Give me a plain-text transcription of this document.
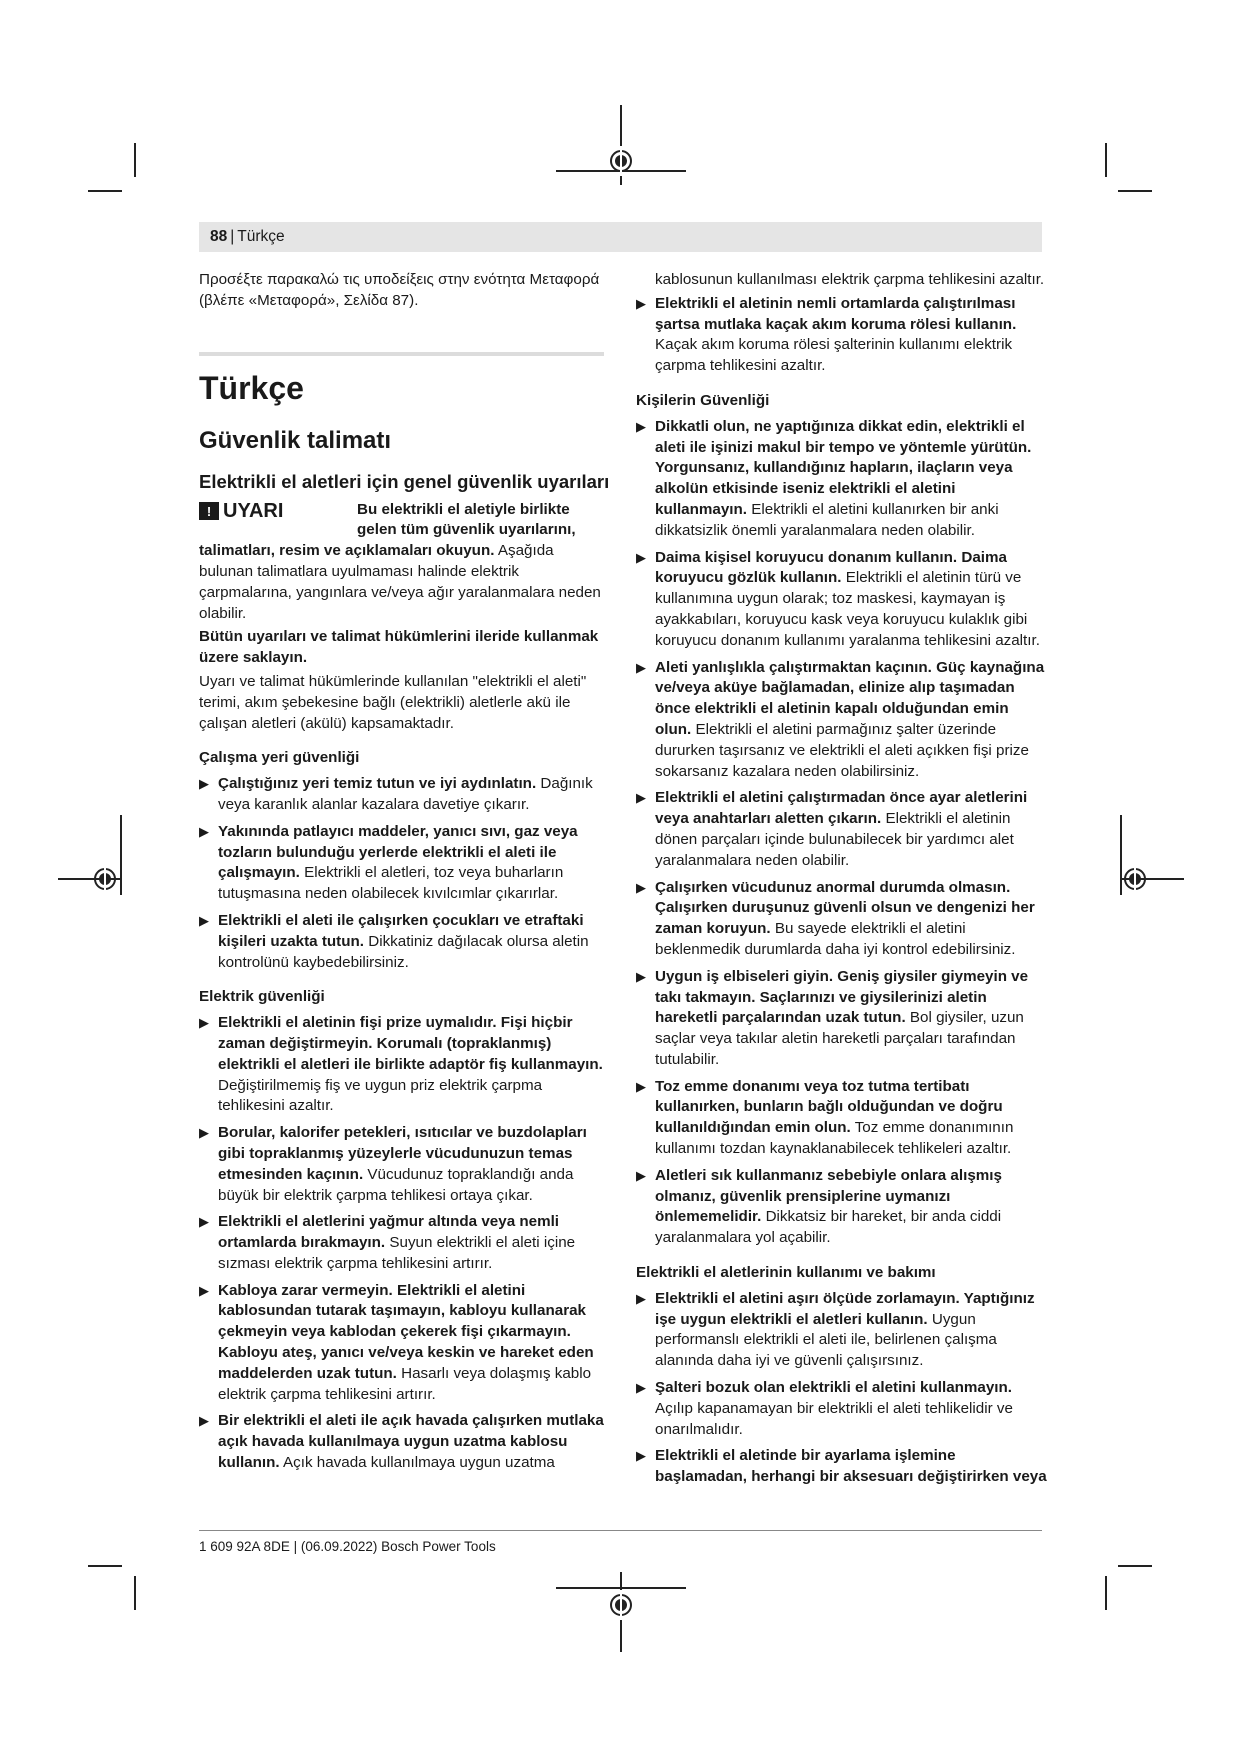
88 | Türkçe

Προσέξτε παρακαλώ τις υποδείξεις στην ενότητα Μεταφορά (βλέπε «Μεταφορά», Σελίδα 87).

Türkçe
Güvenlik talimatı
Elektrikli el aletleri için genel güvenlik uyarıları
!
UYARI	Bu elektrikli el aletiyle birlikte gelen tüm güvenlik uyarılarını,

talimatları, resim ve açıklamaları okuyun. Aşağıda bulunan talimatlara uyulmaması halinde elektrik çarpmalarına, yangınlara ve/veya ağır yaralanmalara neden olabilir.

Bütün uyarıları ve talimat hükümlerini ileride kullanmak üzere saklayın.

Uyarı ve talimat hükümlerinde kullanılan "elektrikli el aleti" terimi, akım şebekesine bağlı (elektrikli) aletlerle akü ile çalışan aletleri (akülü) kapsamaktadır.

Çalışma yeri güvenliği
▶ Çalıştığınız yeri temiz tutun ve iyi aydınlatın. Dağınık veya karanlık alanlar kazalara davetiye çıkarır.
▶ Yakınında patlayıcı maddeler, yanıcı sıvı, gaz veya tozların bulunduğu yerlerde elektrikli el aleti ile çalışmayın. Elektrikli el aletleri, toz veya buharların tutuşmasına neden olabilecek kıvılcımlar çıkarırlar.
▶ Elektrikli el aleti ile çalışırken çocukları ve etraftaki kişileri uzakta tutun. Dikkatiniz dağılacak olursa aletin kontrolünü kaybedebilirsiniz.
Elektrik güvenliği
▶ Elektrikli el aletinin fişi prize uymalıdır. Fişi hiçbir zaman değiştirmeyin. Korumalı (topraklanmış) elektrikli el aletleri ile birlikte adaptör fiş kullanmayın. Değiştirilmemiş fiş ve uygun priz elektrik çarpma tehlikesini azaltır.
▶ Borular, kalorifer petekleri, ısıtıcılar ve buzdolapları gibi topraklanmış yüzeylerle vücudunuzun temas etmesinden kaçının. Vücudunuz topraklandığı anda büyük bir elektrik çarpma tehlikesi ortaya çıkar.
▶ Elektrikli el aletlerini yağmur altında veya nemli ortamlarda bırakmayın. Suyun elektrikli el aleti içine sızması elektrik çarpma tehlikesini artırır.
▶ Kabloya zarar vermeyin. Elektrikli el aletini kablosundan tutarak taşımayın, kabloyu kullanarak çekmeyin veya kablodan çekerek fişi çıkarmayın. Kabloyu ateş, yanıcı ve/veya keskin ve hareket eden maddelerden uzak tutun. Hasarlı veya dolaşmış kablo elektrik çarpma tehlikesini artırır.
▶ Bir elektrikli el aleti ile açık havada çalışırken mutlaka açık havada kullanılmaya uygun uzatma kablosu kullanın. Açık havada kullanılmaya uygun uzatma

kablosunun kullanılması elektrik çarpma tehlikesini azaltır.

▶ Elektrikli el aletinin nemli ortamlarda çalıştırılması şartsa mutlaka kaçak akım koruma rölesi kullanın. Kaçak akım koruma rölesi şalterinin kullanımı elektrik çarpma tehlikesini azaltır.
Kişilerin Güvenliği
▶ Dikkatli olun, ne yaptığınıza dikkat edin, elektrikli el aleti ile işinizi makul bir tempo ve yöntemle yürütün. Yorgunsanız, kullandığınız hapların, ilaçların veya alkolün etkisinde iseniz elektrikli el aletini kullanmayın. Elektrikli el aletini kullanırken bir anki dikkatsizlik önemli yaralanmalara neden olabilir.
▶ Daima kişisel koruyucu donanım kullanın. Daima koruyucu gözlük kullanın. Elektrikli el aletinin türü ve kullanımına uygun olarak; toz maskesi, kaymayan iş ayakkabıları, koruyucu kask veya koruyucu kulaklık gibi koruyucu donanım kullanımı yaralanma tehlikesini azaltır.
▶ Aleti yanlışlıkla çalıştırmaktan kaçının. Güç kaynağına ve/veya aküye bağlamadan, elinize alıp taşımadan önce elektrikli el aletinin kapalı olduğundan emin olun. Elektrikli el aletini parmağınız şalter üzerinde dururken taşırsanız ve elektrikli el aleti açıkken fişi prize sokarsanız kazalara neden olabilirsiniz.
▶ Elektrikli el aletini çalıştırmadan önce ayar aletlerini veya anahtarları aletten çıkarın. Elektrikli el aletinin dönen parçaları içinde bulunabilecek bir yardımcı alet yaralanmalara neden olabilir.
▶ Çalışırken vücudunuz anormal durumda olmasın. Çalışırken duruşunuz güvenli olsun ve dengenizi her zaman koruyun. Bu sayede elektrikli el aletini beklenmedik durumlarda daha iyi kontrol edebilirsiniz.
▶ Uygun iş elbiseleri giyin. Geniş giysiler giymeyin ve takı takmayın. Saçlarınızı ve giysilerinizi aletin hareketli parçalarından uzak tutun. Bol giysiler, uzun saçlar veya takılar aletin hareketli parçaları tarafından tutulabilir.
▶ Toz emme donanımı veya toz tutma tertibatı kullanırken, bunların bağlı olduğundan ve doğru kullanıldığından emin olun. Toz emme donanımının kullanımı tozdan kaynaklanabilecek tehlikeleri azaltır.
▶ Aletleri sık kullanmanız sebebiyle onlara alışmış olmanız, güvenlik prensiplerine uymanızı önlememelidir. Dikkatsiz bir hareket, bir anda ciddi yaralanmalara yol açabilir.
Elektrikli el aletlerinin kullanımı ve bakımı
▶ Elektrikli el aletini aşırı ölçüde zorlamayın. Yaptığınız işe uygun elektrikli el aletleri kullanın. Uygun performanslı elektrikli el aleti ile, belirlenen çalışma alanında daha iyi ve güvenli çalışırsınız.
▶ Şalteri bozuk olan elektrikli el aletini kullanmayın. Açılıp kapanamayan bir elektrikli el aleti tehlikelidir ve onarılmalıdır.
▶ Elektrikli el aletinde bir ayarlama işlemine başlamadan, herhangi bir aksesuarı değiştirirken veya
1 609 92A 8DE | (06.09.2022) Bosch Power Tools
